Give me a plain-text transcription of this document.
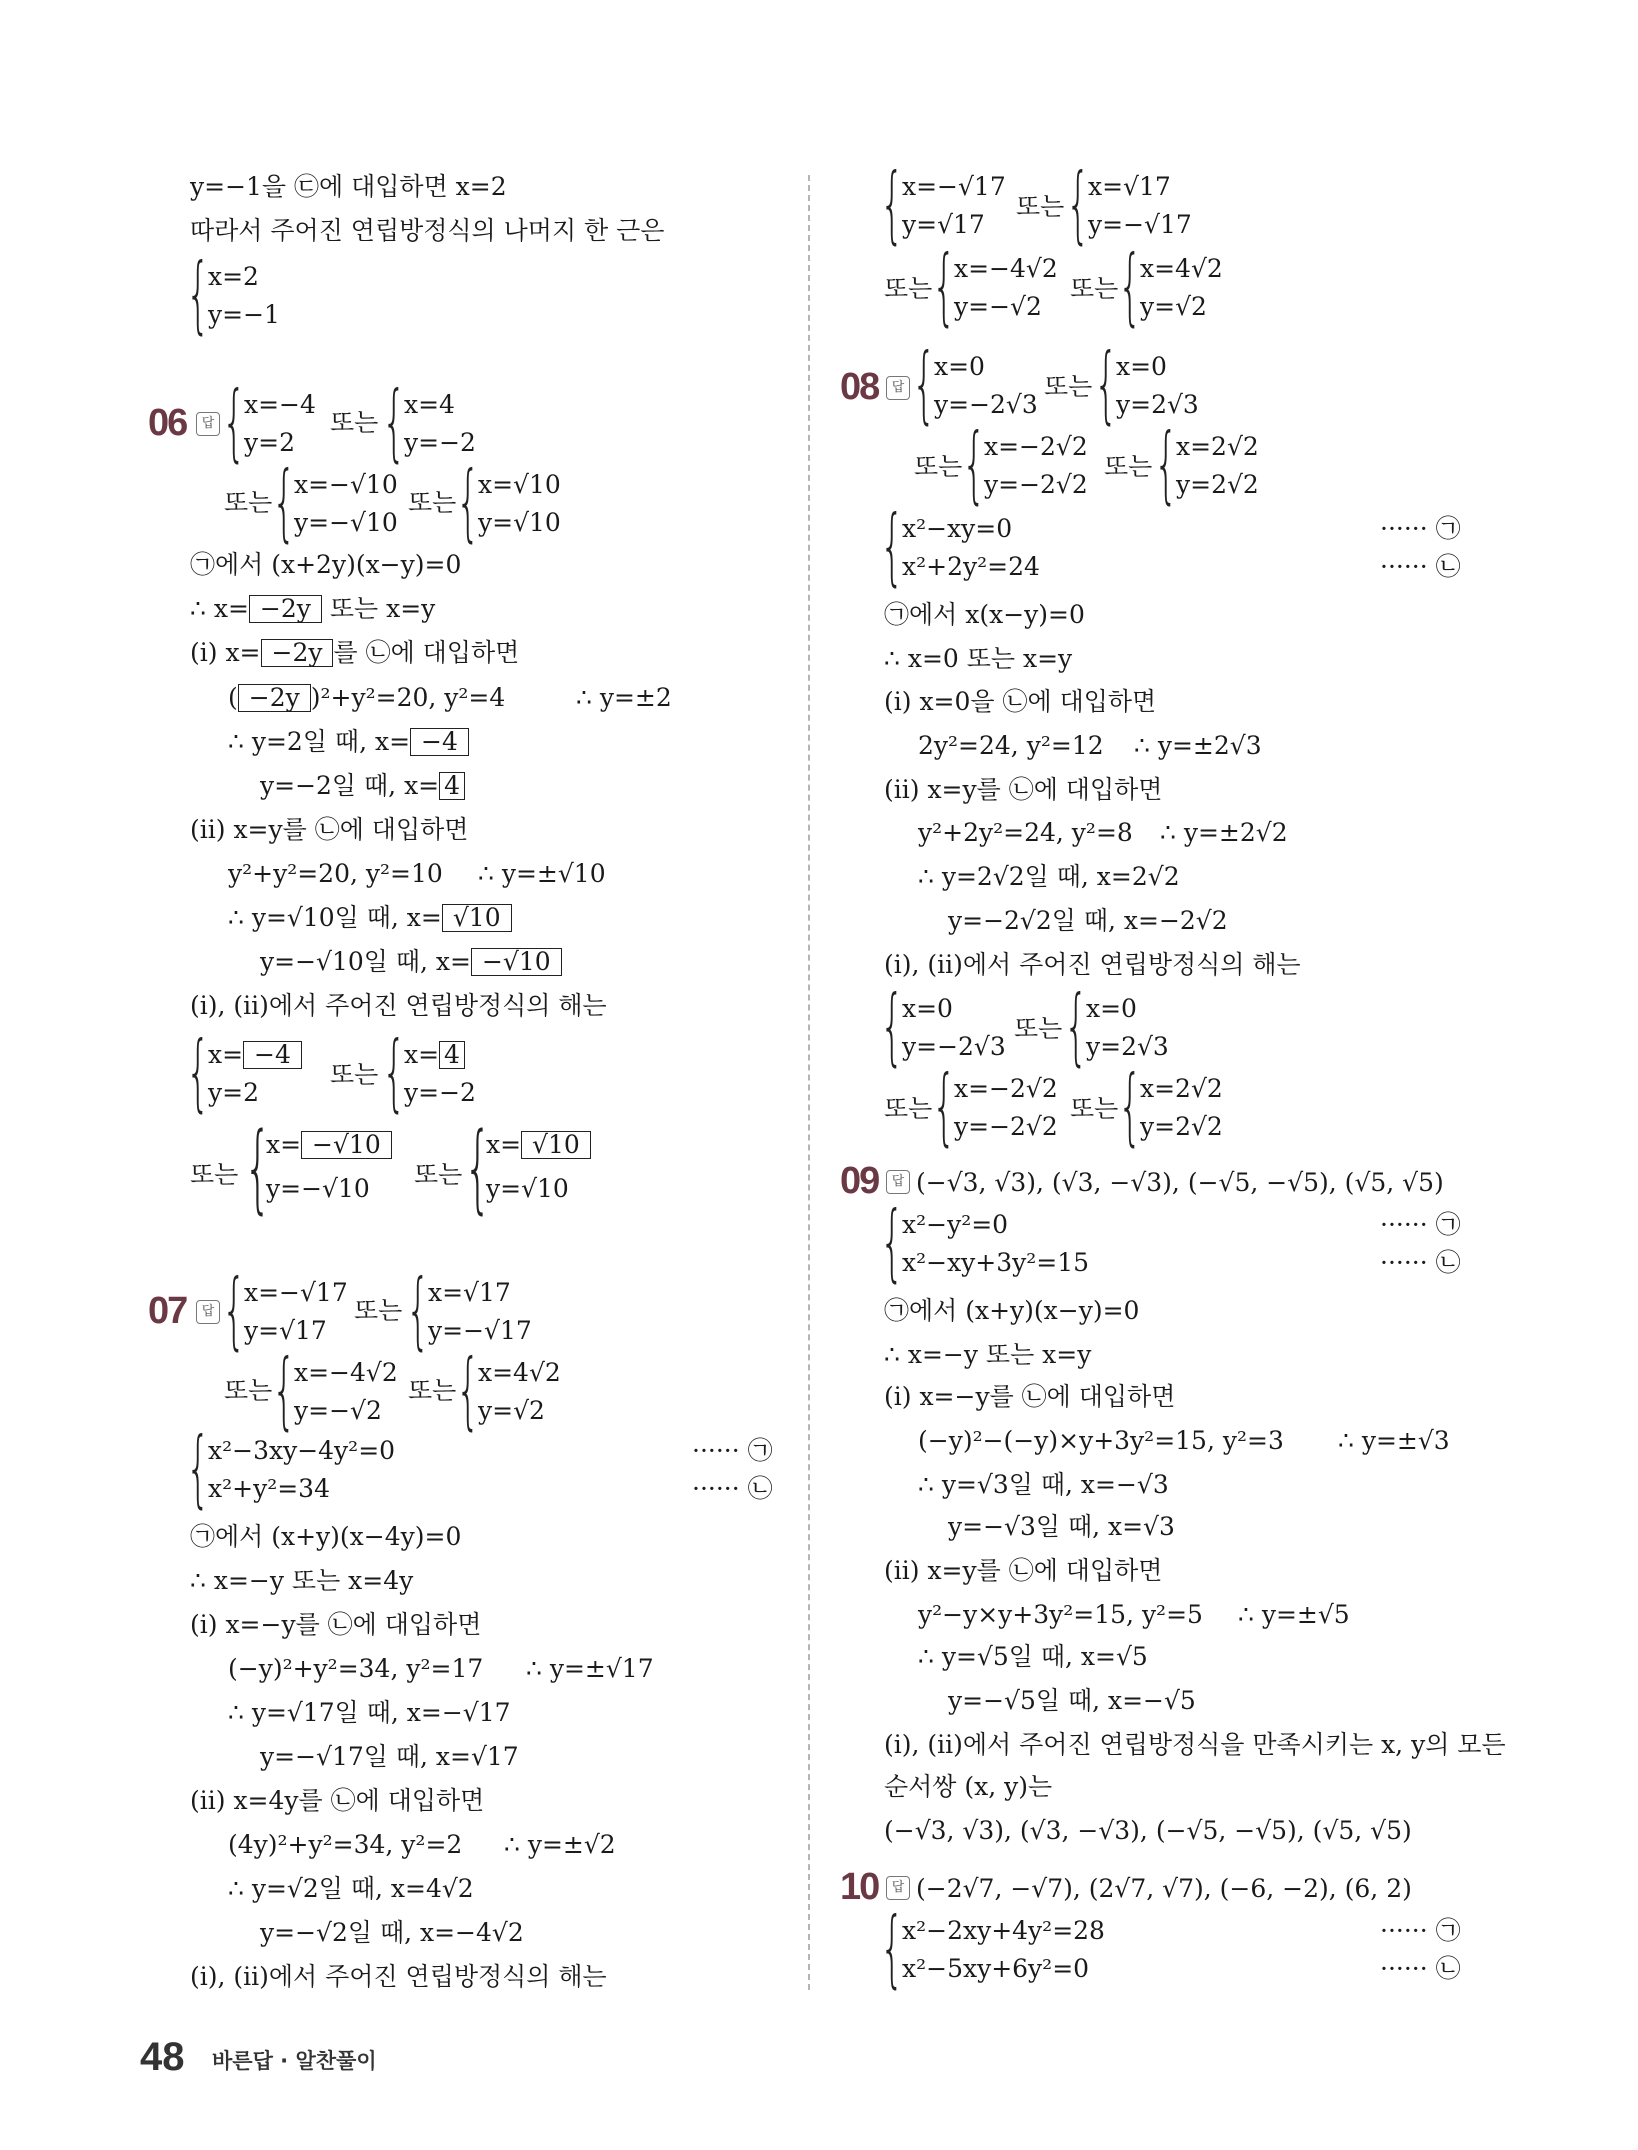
y=−1을 ㉢에 대입하면 x=2
따라서 주어진 연립방정식의 나머지 한 근은
{
x=2
y=−1
06	답 {
x=−4
y=2
또는 {
x=4
y=−2
또는 {
x=−√10
y=−√10
또는 {
x=√10
y=√10
㉠에서 (x+2y)(x−y)=0
∴ x= −2y 또는 x=y
(ⅰ) x= −2y 를 ㉡에 대입하면
( −2y )²+y²=20, y²=4	∴ y=±2
∴ y=2일 때, x= −4
y=−2일 때, x= 4
(ⅱ) x=y를 ㉡에 대입하면
y²+y²=20, y²=10 ∴ y=±√10
∴ y=√10일 때, x= √10
y=−√10일 때, x= −√10
(ⅰ), (ⅱ)에서 주어진 연립방정식의 해는
{
x= −4
y=2
또는 {
x= 4
y=−2
또는 {
x= −√10
y=−√10 또는 {
x= √10
y=√10
07	답 {
x=−√17
y=√17
또는 {
x=√17
y=−√17
또는 {
x=−4√2
y=−√2
또는 {
x=4√2
y=√2
{
x²−3xy−4y²=0
x²+y²=34
······ ㉠
······ ㉡
㉠에서 (x+y)(x−4y)=0
∴ x=−y 또는 x=4y
(ⅰ) x=−y를 ㉡에 대입하면
(−y)²+y²=34, y²=17 ∴ y=±√17
∴ y=√17일 때, x=−√17
y=−√17일 때, x=√17
(ⅱ) x=4y를 ㉡에 대입하면
(4y)²+y²=34, y²=2 ∴ y=±√2
∴ y=√2일 때, x=4√2
y=−√2일 때, x=−4√2
(ⅰ), (ⅱ)에서 주어진 연립방정식의 해는
{
x=−√17
y=√17
또는 {
x=√17
y=−√17
또는 {
x=−4√2
y=−√2
또는 {
x=4√2
y=√2
08	답 {
x=0
y=−2√3
또는 {
x=0
y=2√3
또는 {
x=−2√2
y=−2√2
또는 {
x=2√2
y=2√2
{
x²−xy=0
x²+2y²=24
······ ㉠
······ ㉡
㉠에서 x(x−y)=0
∴ x=0 또는 x=y
(ⅰ) x=0을 ㉡에 대입하면
2y²=24, y²=12 ∴ y=±2√3
(ⅱ) x=y를 ㉡에 대입하면
y²+2y²=24, y²=8 ∴ y=±2√2
∴ y=2√2일 때, x=2√2
y=−2√2일 때, x=−2√2
(ⅰ), (ⅱ)에서 주어진 연립방정식의 해는
{
x=0
y=−2√3
또는 {
x=0
y=2√3
또는 {
x=−2√2
y=−2√2
또는 {
x=2√2
y=2√2
09	답 (−√3, √3), (√3, −√3), (−√5, −√5), (√5, √5)
{
x²−y²=0
x²−xy+3y²=15
······ ㉠
······ ㉡
㉠에서 (x+y)(x−y)=0
∴ x=−y 또는 x=y
(ⅰ) x=−y를 ㉡에 대입하면
(−y)²−(−y)×y+3y²=15, y²=3 ∴ y=±√3
∴ y=√3일 때, x=−√3
y=−√3일 때, x=√3
(ⅱ) x=y를 ㉡에 대입하면
y²−y×y+3y²=15, y²=5 ∴ y=±√5
∴ y=√5일 때, x=√5
y=−√5일 때, x=−√5
(ⅰ), (ⅱ)에서 주어진 연립방정식을 만족시키는 x, y의 모든
순서쌍 (x, y)는
(−√3, √3), (√3, −√3), (−√5, −√5), (√5, √5)
10	답 (−2√7, −√7), (2√7, √7), (−6, −2), (6, 2)
{
x²−2xy+4y²=28
x²−5xy+6y²=0
······ ㉠
······ ㉡
48 바른답 · 알찬풀이
